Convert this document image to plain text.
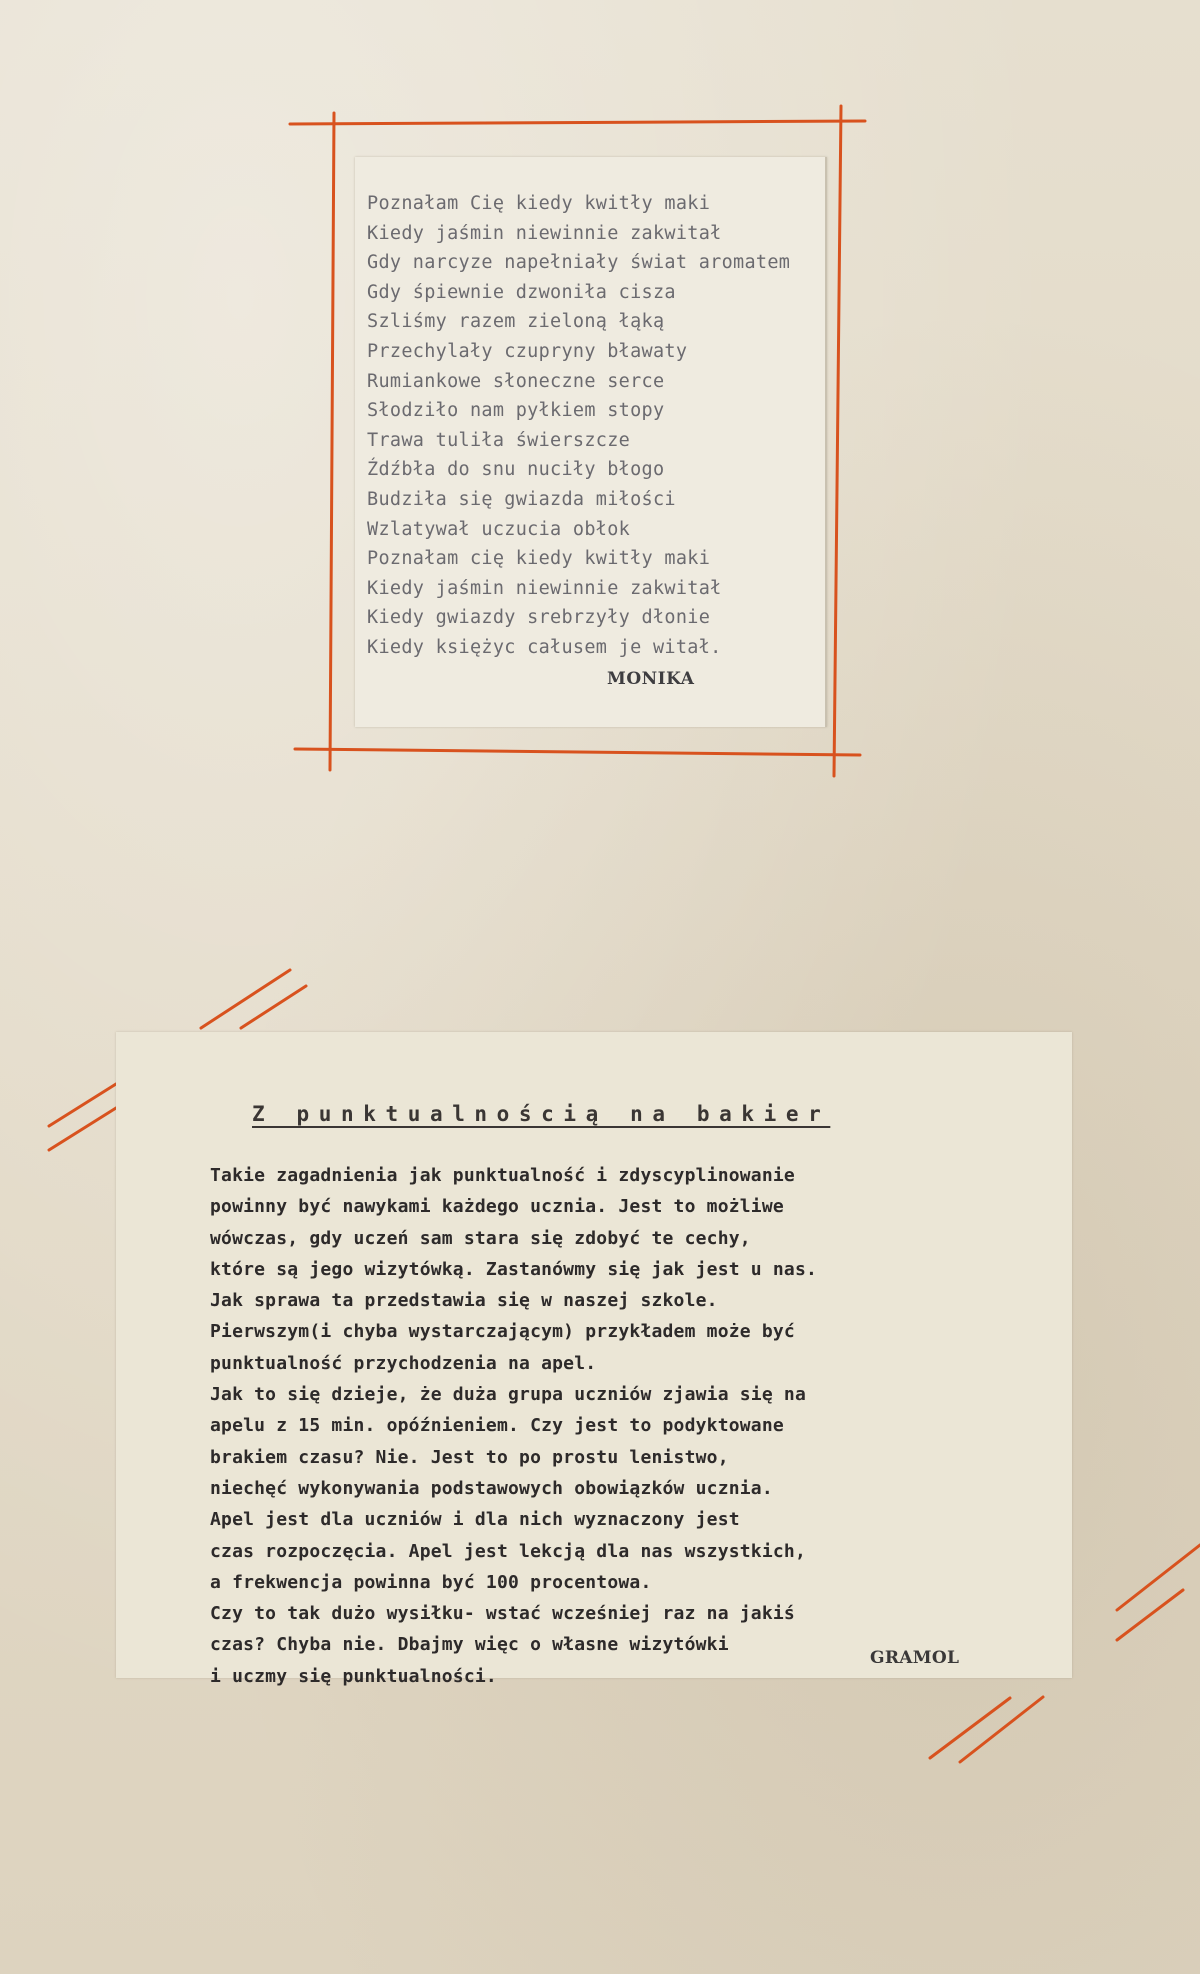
Poznałam Cię kiedy kwitły maki
Kiedy jaśmin niewinnie zakwitał
Gdy narcyze napełniały świat aromatem
Gdy śpiewnie dzwoniła cisza
Szliśmy razem zieloną łąką
Przechylały czupryny bławaty
Rumiankowe słoneczne serce
Słodziło nam pyłkiem stopy
Trawa tuliła świerszcze
Źdźbła do snu nuciły błogo
Budziła się gwiazda miłości
Wzlatywał uczucia obłok
Poznałam cię kiedy kwitły maki
Kiedy jaśmin niewinnie zakwitał
Kiedy gwiazdy srebrzyły dłonie
Kiedy księżyc całusem je witał.
MONIKA
Z punktualnością na bakier
Takie zagadnienia jak punktualność i zdyscyplinowanie
powinny być nawykami każdego ucznia. Jest to możliwe
wówczas, gdy uczeń sam stara się zdobyć te cechy,
które są jego wizytówką. Zastanówmy się jak jest u nas.
Jak sprawa ta przedstawia się w naszej szkole.
Pierwszym(i chyba wystarczającym) przykładem może być
punktualność przychodzenia na apel.
Jak to się dzieje, że duża grupa uczniów zjawia się na
apelu z 15 min. opóźnieniem. Czy jest to podyktowane
brakiem czasu? Nie. Jest to po prostu lenistwo,
niechęć wykonywania podstawowych obowiązków ucznia.
Apel jest dla uczniów i dla nich wyznaczony jest
czas rozpoczęcia. Apel jest lekcją dla nas wszystkich,
a frekwencja powinna być 100 procentowa.
Czy to tak dużo wysiłku- wstać wcześniej raz na jakiś
czas? Chyba nie. Dbajmy więc o własne wizytówki
i uczmy się punktualności.
GRAMOL
